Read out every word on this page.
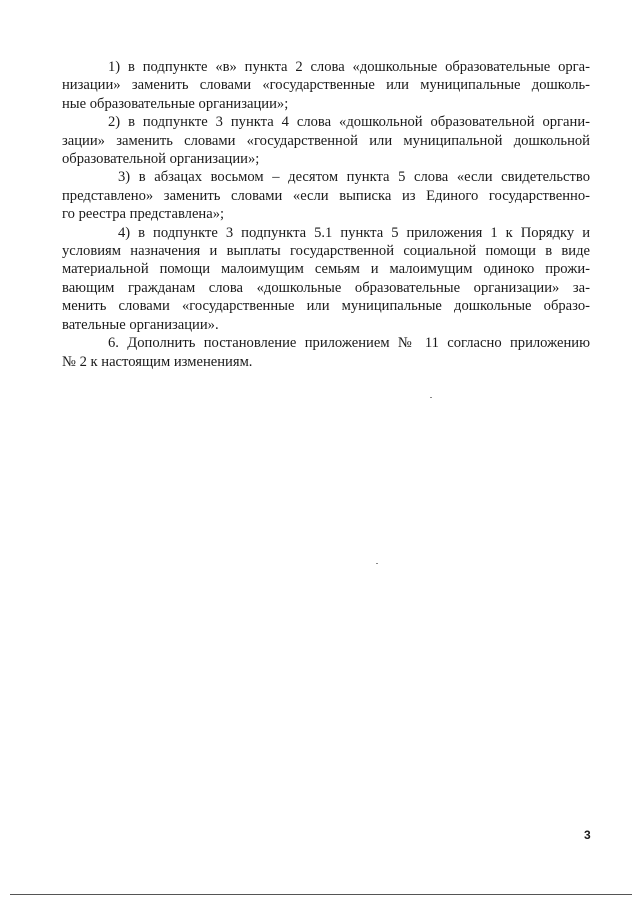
1) в подпункте «в» пункта 2 слова «дошкольные образовательные орга-
низации» заменить словами «государственные или муниципальные дошколь-
ные образовательные организации»;

2) в подпункте 3 пункта 4 слова «дошкольной образовательной органи-
зации» заменить словами «государственной или муниципальной дошкольной
образовательной организации»;

3) в абзацах восьмом – десятом пункта 5 слова «если свидетельство
представлено» заменить словами «если выписка из Единого государственно-
го реестра представлена»;

4) в подпункте 3 подпункта 5.1 пункта 5 приложения 1 к Порядку и
условиям назначения и выплаты государственной социальной помощи в виде
материальной помощи малоимущим семьям и малоимущим одиноко прожи-
вающим гражданам слова «дошкольные образовательные организации» за-
менить словами «государственные или муниципальные дошкольные образо-
вательные организации».

6. Дополнить постановление приложением № 11 согласно приложению
№ 2 к настоящим изменениям.

3
